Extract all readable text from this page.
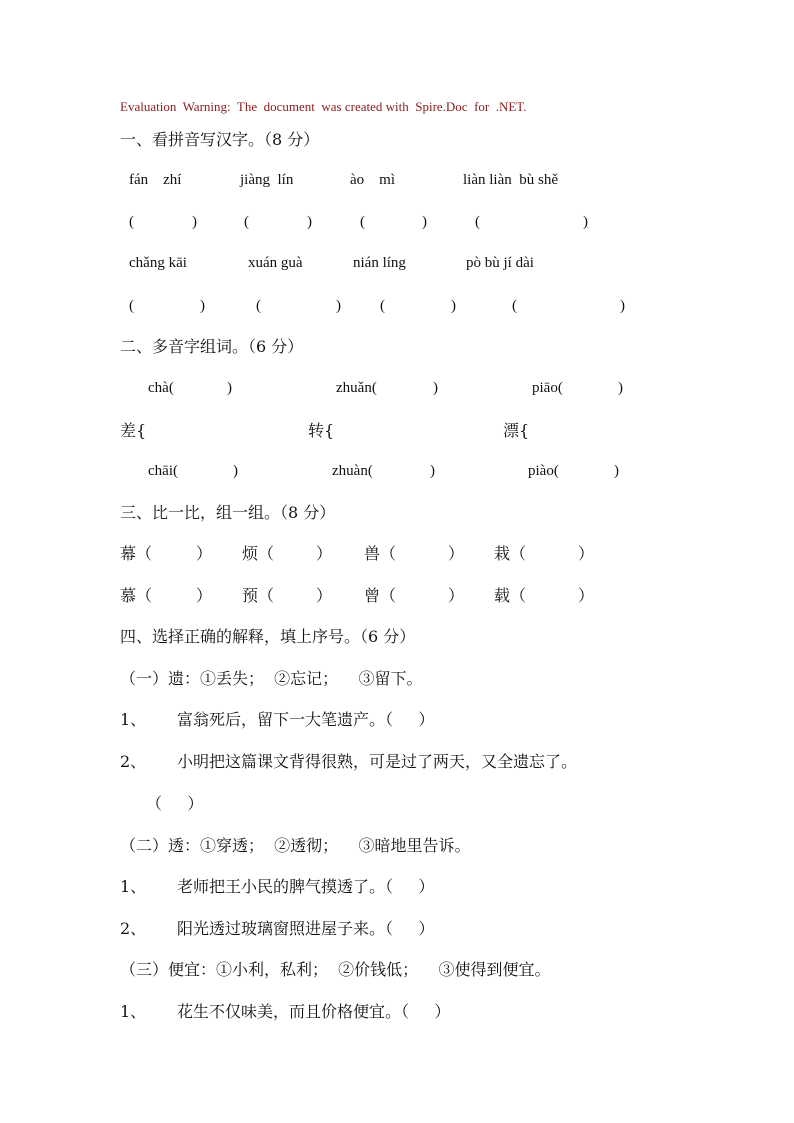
Evaluation  Warning:  The  document  was created with  Spire.Doc  for  .NET.
一、看拼音写汉字。（8 分）
fán    zhí	jiàng  lín	ào    mì	liàn liàn  bù shě
(	)	(	)	(	)	(	)
chǎng kāi	xuán guà	nián líng	pò bù jí dài
(	)	(	)	(	)	(	)
二、多音字组词。（6 分）
chà(	)	zhuǎn(	)	piāo(	)
差{	转{	漂{
chāi(	)	zhuàn(	)	piào(	)
三、比一比，组一组。（8 分）
幕（	） 烦（	） 兽（	） 栽（	）
慕（	） 预（	） 曾（	） 载（	）
四、选择正确的解释，填上序号。（6 分）
（一）遗：①丢失；  ②忘记；    ③留下。
1、 富翁死后，留下一大笔遗产。（     ）
2、 小明把这篇课文背得很熟，可是过了两天，又全遗忘了。
（     ）
（二）透：①穿透；  ②透彻；    ③暗地里告诉。
1、 老师把王小民的脾气摸透了。（     ）
2、 阳光透过玻璃窗照进屋子来。（     ）
（三）便宜：①小利，私利；  ②价钱低；    ③使得到便宜。
1、 花生不仅味美，而且价格便宜。（     ）
